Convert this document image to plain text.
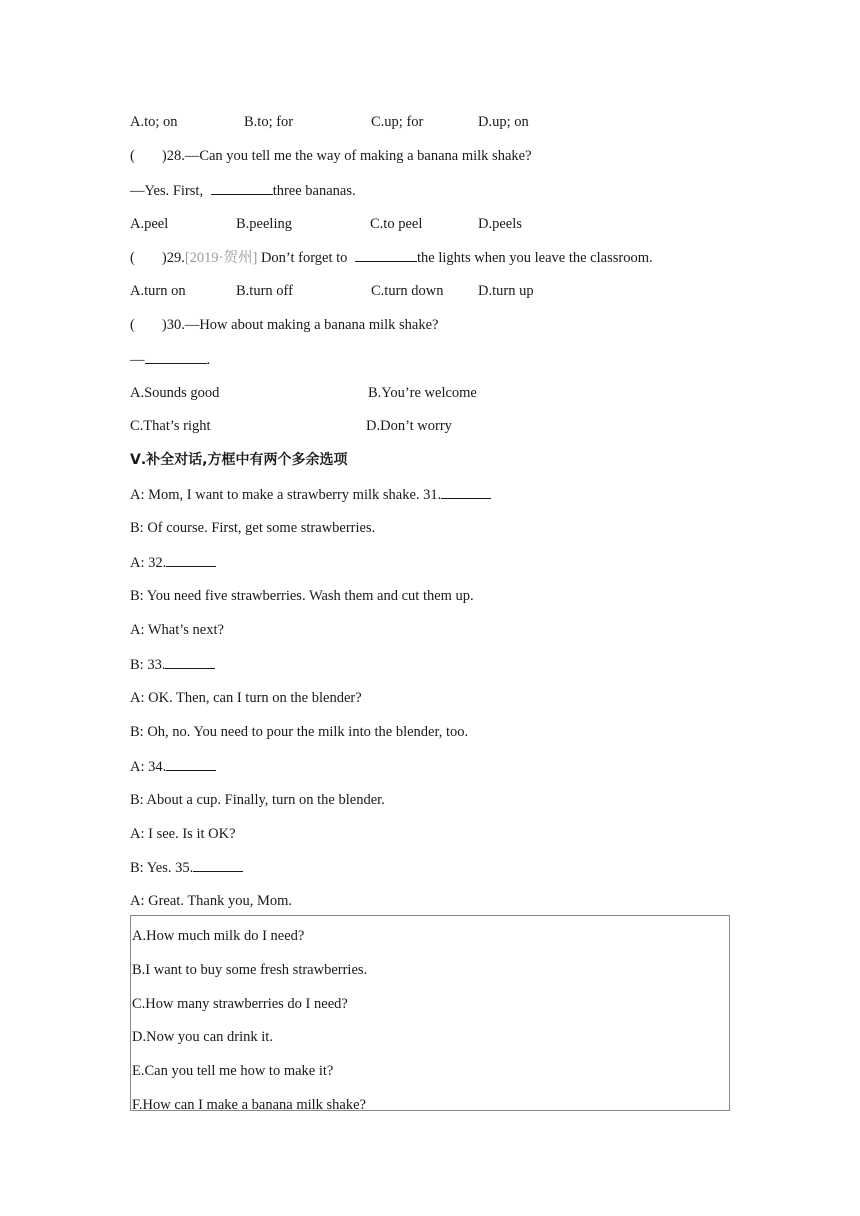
A.to; on	B.to; for	C.up; for	D.up; on
( )28.—Can you tell me the way of making a banana milk shake?
—Yes. First,	three bananas.
A.peel	B.peeling	C.to peel	D.peels
( )29.[2019·贺州] Don’t forget to	the lights when you leave the classroom.
A.turn on	B.turn off	C.turn down D.turn up
( )30.—How about making a banana milk shake?
—	.
A.Sounds good	B.You’re welcome
C.That’s right	D.Don’t worry
Ⅴ.补全对话,方框中有两个多余选项
A: Mom, I want to make a strawberry milk shake. 31.
B: Of course. First, get some strawberries.
A: 32.
B: You need five strawberries. Wash them and cut them up.
A: What’s next?
B: 33.
A: OK. Then, can I turn on the blender?
B: Oh, no. You need to pour the milk into the blender, too.
A: 34.
B: About a cup. Finally, turn on the blender.
A: I see. Is it OK?
B: Yes. 35.
A: Great. Thank you, Mom.
A.How much milk do I need?
B.I want to buy some fresh strawberries.
C.How many strawberries do I need?
D.Now you can drink it.
E.Can you tell me how to make it?
F.How can I make a banana milk shake?
